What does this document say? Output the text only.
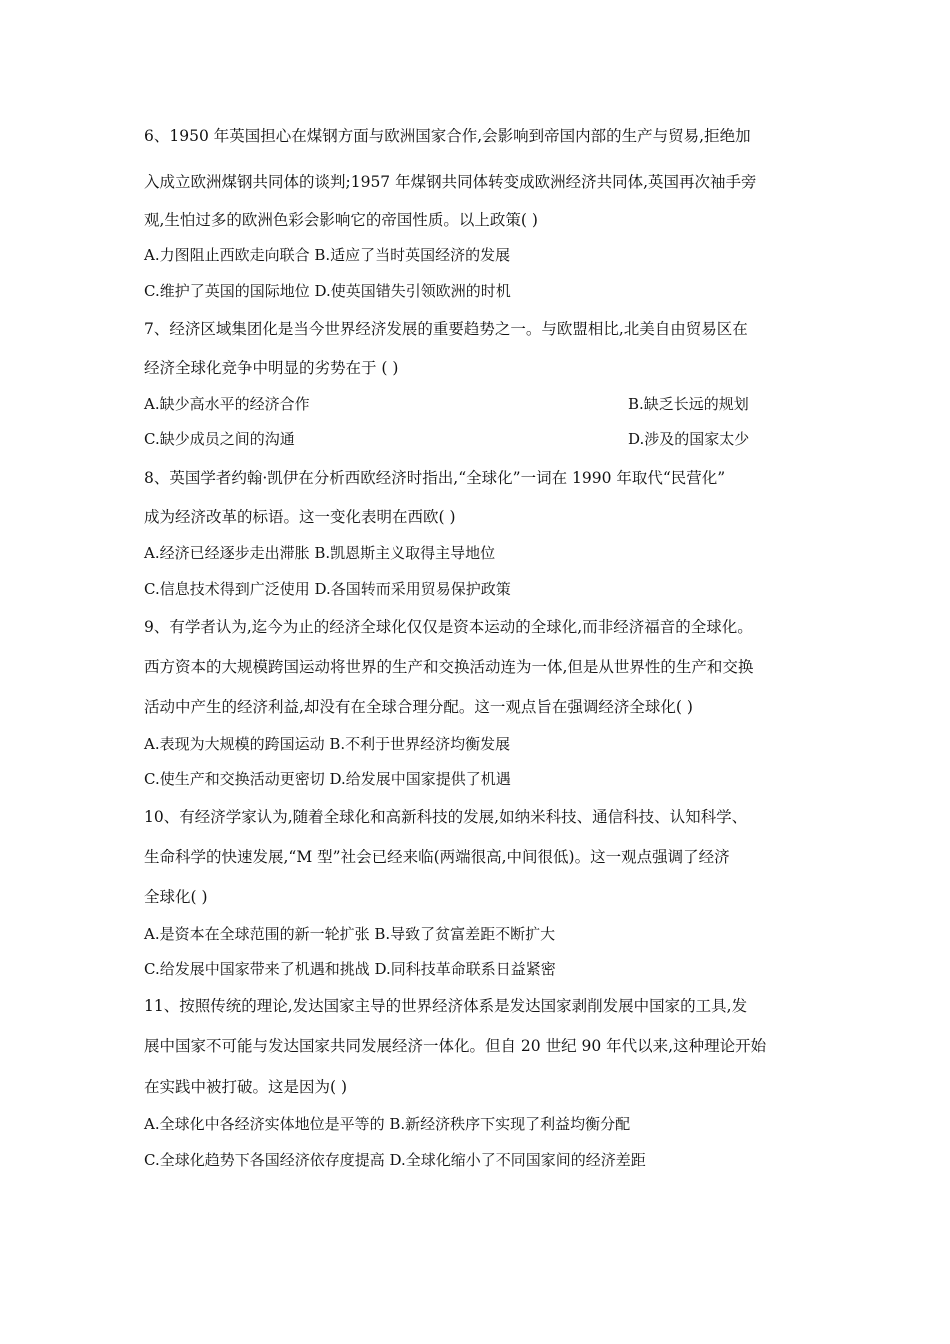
6、1950 年英国担心在煤钢方面与欧洲国家合作,会影响到帝国内部的生产与贸易,拒绝加
入成立欧洲煤钢共同体的谈判;1957 年煤钢共同体转变成欧洲经济共同体,英国再次袖手旁
观,生怕过多的欧洲色彩会影响它的帝国性质。以上政策( )
A.力图阻止西欧走向联合 B.适应了当时英国经济的发展
C.维护了英国的国际地位 D.使英国错失引领欧洲的时机
7、经济区域集团化是当今世界经济发展的重要趋势之一。与欧盟相比,北美自由贸易区在
经济全球化竞争中明显的劣势在于 ( )
A.缺少高水平的经济合作	B.缺乏长远的规划
C.缺少成员之间的沟通	D.涉及的国家太少
8、英国学者约翰·凯伊在分析西欧经济时指出,“全球化”一词在 1990 年取代“民营化”
成为经济改革的标语。这一变化表明在西欧( )
A.经济已经逐步走出滞胀 B.凯恩斯主义取得主导地位
C.信息技术得到广泛使用 D.各国转而采用贸易保护政策
9、有学者认为,迄今为止的经济全球化仅仅是资本运动的全球化,而非经济福音的全球化。
西方资本的大规模跨国运动将世界的生产和交换活动连为一体,但是从世界性的生产和交换
活动中产生的经济利益,却没有在全球合理分配。这一观点旨在强调经济全球化( )
A.表现为大规模的跨国运动 B.不利于世界经济均衡发展
C.使生产和交换活动更密切 D.给发展中国家提供了机遇
10、有经济学家认为,随着全球化和高新科技的发展,如纳米科技、通信科技、认知科学、
生命科学的快速发展,“M 型”社会已经来临(两端很高,中间很低)。这一观点强调了经济
全球化( )
A.是资本在全球范围的新一轮扩张 B.导致了贫富差距不断扩大
C.给发展中国家带来了机遇和挑战 D.同科技革命联系日益紧密
11、按照传统的理论,发达国家主导的世界经济体系是发达国家剥削发展中国家的工具,发
展中国家不可能与发达国家共同发展经济一体化。但自 20 世纪 90 年代以来,这种理论开始
在实践中被打破。这是因为( )
A.全球化中各经济实体地位是平等的 B.新经济秩序下实现了利益均衡分配
C.全球化趋势下各国经济依存度提高 D.全球化缩小了不同国家间的经济差距
